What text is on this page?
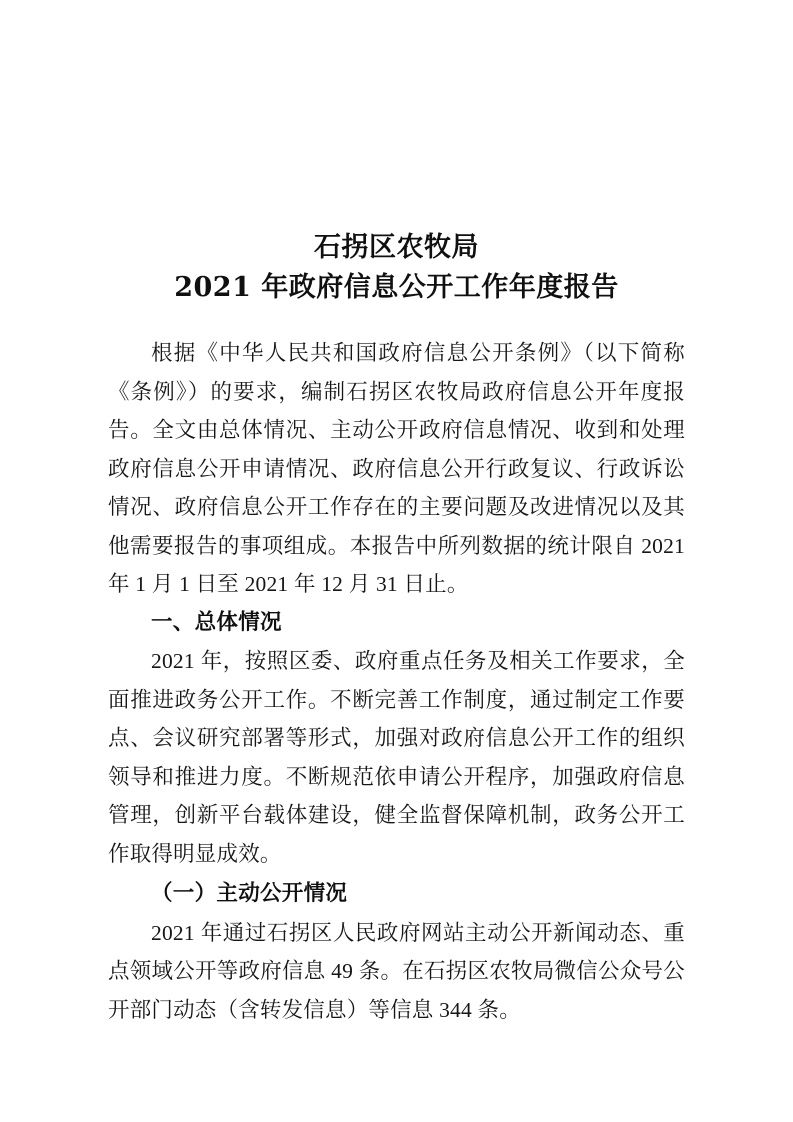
石拐区农牧局
2021 年政府信息公开工作年度报告

根据《中华人民共和国政府信息公开条例》（以下简称《条例》）的要求，编制石拐区农牧局政府信息公开年度报告。全文由总体情况、主动公开政府信息情况、收到和处理政府信息公开申请情况、政府信息公开行政复议、行政诉讼情况、政府信息公开工作存在的主要问题及改进情况以及其他需要报告的事项组成。本报告中所列数据的统计限自 2021 年 1 月 1 日至 2021 年 12 月 31 日止。

一、总体情况

2021 年，按照区委、政府重点任务及相关工作要求，全面推进政务公开工作。不断完善工作制度，通过制定工作要点、会议研究部署等形式，加强对政府信息公开工作的组织领导和推进力度。不断规范依申请公开程序，加强政府信息管理，创新平台载体建设，健全监督保障机制，政务公开工作取得明显成效。

（一）主动公开情况

2021 年通过石拐区人民政府网站主动公开新闻动态、重点领域公开等政府信息 49 条。在石拐区农牧局微信公众号公开部门动态（含转发信息）等信息 344 条。
